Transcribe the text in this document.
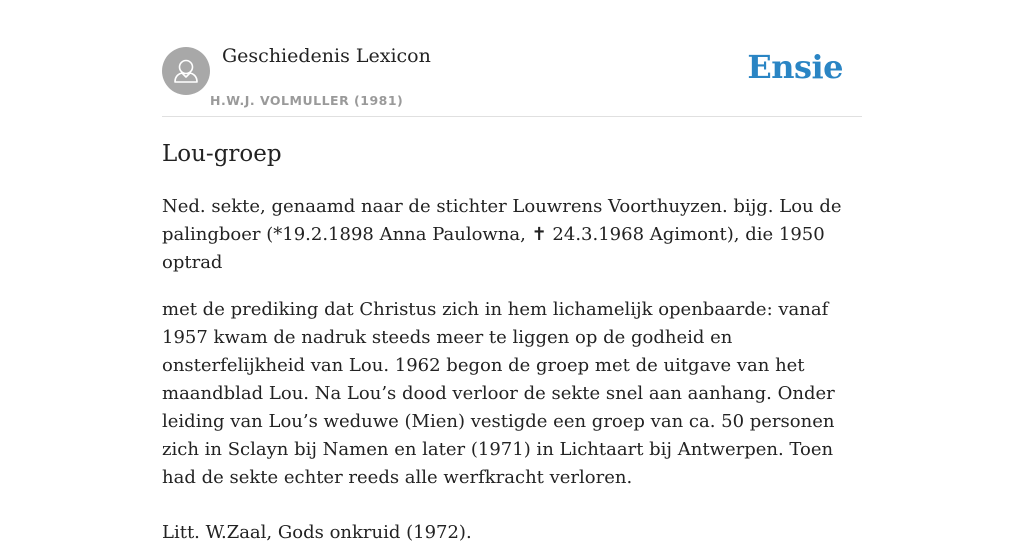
Geschiedenis Lexicon
H.W.J. VOLMULLER (1981)
Ensie
Lou-groep

Ned. sekte, genaamd naar de stichter Louwrens Voorthuyzen. bijg. Lou de palingboer (*19.2.1898 Anna Paulowna, ✝ 24.3.1968 Agimont), die 1950 optrad

met de prediking dat Christus zich in hem lichamelijk openbaarde: vanaf 1957 kwam de nadruk steeds meer te liggen op de godheid en onsterfelijkheid van Lou. 1962 begon de groep met de uitgave van het maandblad Lou. Na Lou’s dood verloor de sekte snel aan aanhang. Onder leiding van Lou’s weduwe (Mien) vestigde een groep van ca. 50 personen zich in Sclayn bij Namen en later (1971) in Lichtaart bij Antwerpen. Toen had de sekte echter reeds alle werfkracht verloren.

Litt. W.Zaal, Gods onkruid (1972).
